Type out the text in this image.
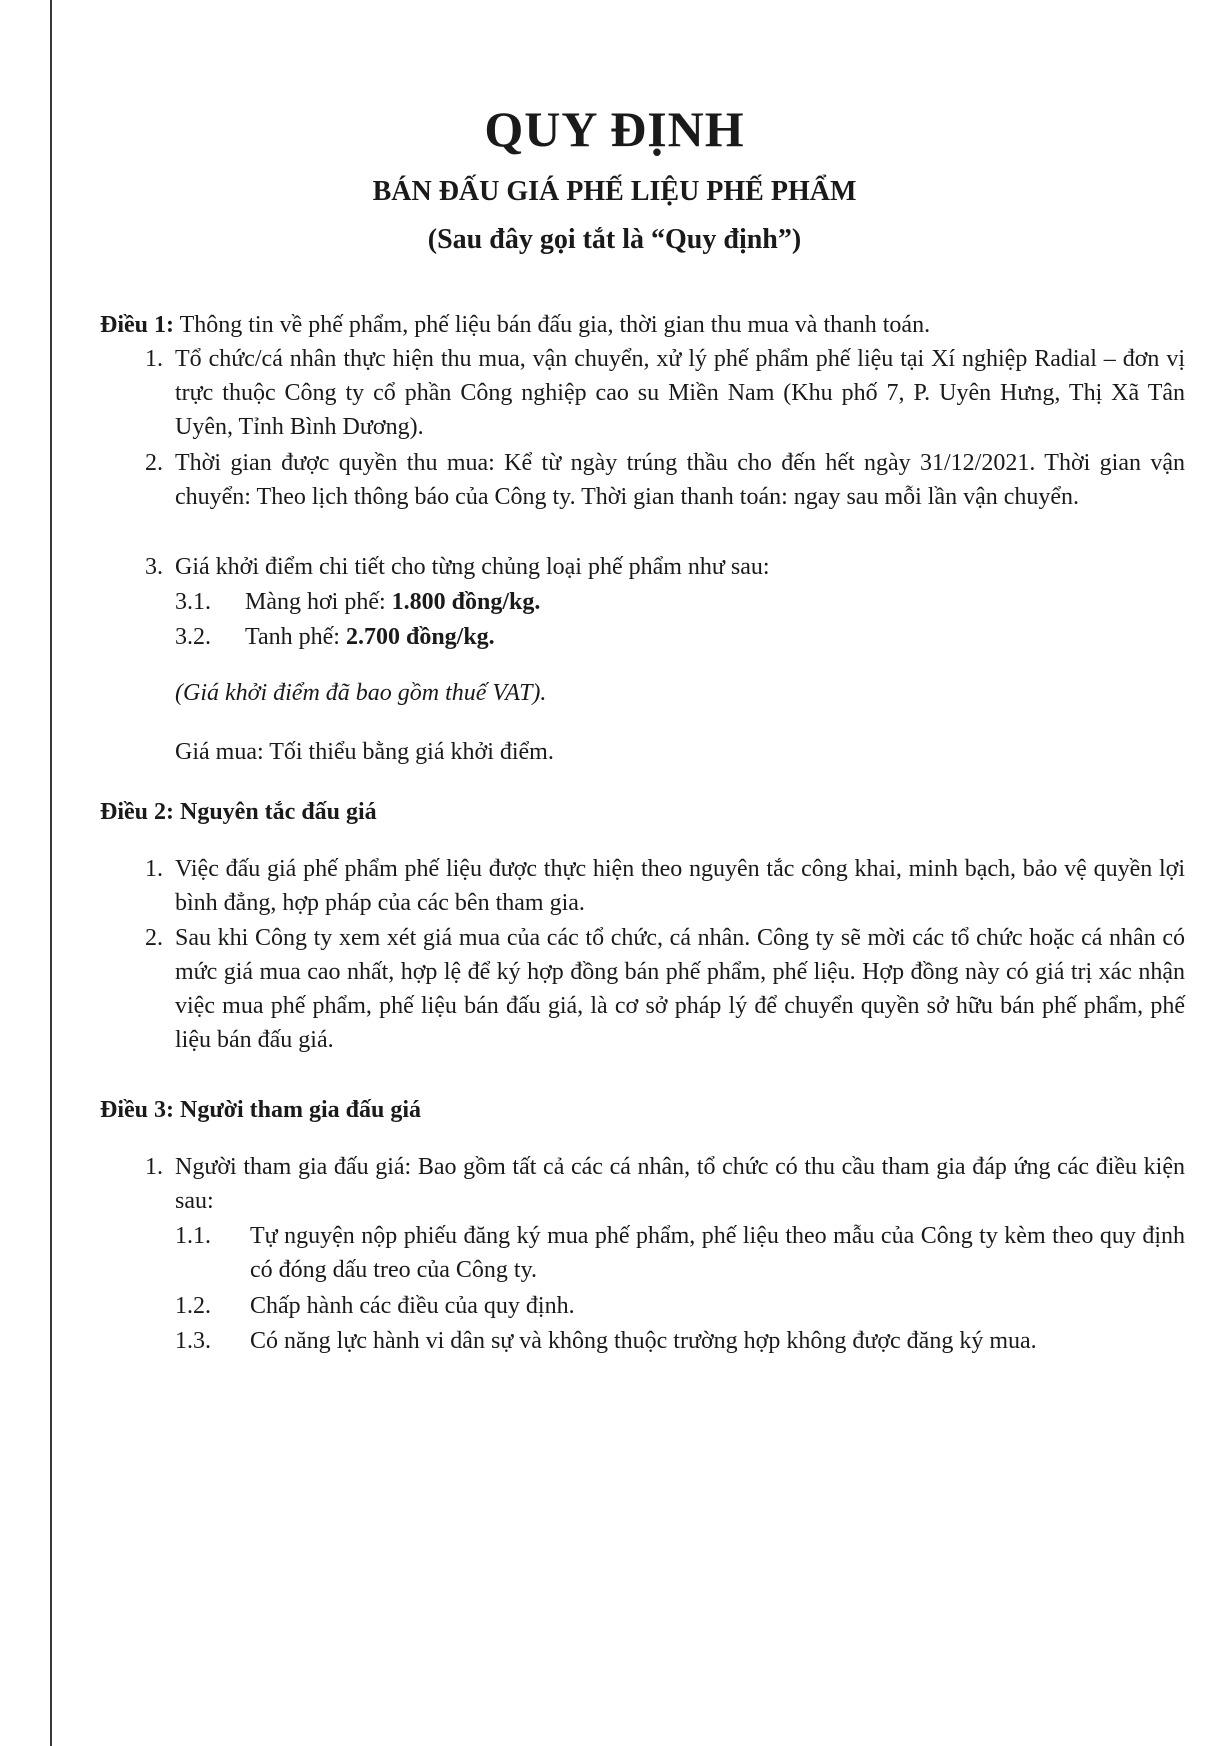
QUY ĐỊNH
BÁN ĐẤU GIÁ PHẾ LIỆU PHẾ PHẨM
(Sau đây gọi tắt là “Quy định”)
Điều 1: Thông tin về phế phẩm, phế liệu bán đấu gia, thời gian thu mua và thanh toán.
1. Tổ chức/cá nhân thực hiện thu mua, vận chuyển, xử lý phế phẩm phế liệu tại Xí nghiệp Radial – đơn vị trực thuộc Công ty cổ phần Công nghiệp cao su Miền Nam (Khu phố 7, P. Uyên Hưng, Thị Xã Tân Uyên, Tỉnh Bình Dương).
2. Thời gian được quyền thu mua: Kể từ ngày trúng thầu cho đến hết ngày 31/12/2021. Thời gian vận chuyển: Theo lịch thông báo của Công ty. Thời gian thanh toán: ngay sau mỗi lần vận chuyển.
3. Giá khởi điểm chi tiết cho từng chủng loại phế phẩm như sau:
3.1.	Màng hơi phế: 1.800 đồng/kg.
3.2.	Tanh phế: 2.700 đồng/kg.
(Giá khởi điểm đã bao gồm thuế VAT).
Giá mua: Tối thiểu bằng giá khởi điểm.
Điều 2: Nguyên tắc đấu giá
1. Việc đấu giá phế phẩm phế liệu được thực hiện theo nguyên tắc công khai, minh bạch, bảo vệ quyền lợi bình đẳng, hợp pháp của các bên tham gia.
2. Sau khi Công ty xem xét giá mua của các tổ chức, cá nhân. Công ty sẽ mời các tổ chức hoặc cá nhân có mức giá mua cao nhất, hợp lệ để ký hợp đồng bán phế phẩm, phế liệu. Hợp đồng này có giá trị xác nhận việc mua phế phẩm, phế liệu bán đấu giá, là cơ sở pháp lý để chuyển quyền sở hữu bán phế phẩm, phế liệu bán đấu giá.
Điều 3: Người tham gia đấu giá
1. Người tham gia đấu giá: Bao gồm tất cả các cá nhân, tổ chức có thu cầu tham gia đáp ứng các điều kiện sau:
1.1.	Tự nguyện nộp phiếu đăng ký mua phế phẩm, phế liệu theo mẫu của Công ty kèm theo quy định có đóng dấu treo của Công ty.
1.2.	Chấp hành các điều của quy định.
1.3.	Có năng lực hành vi dân sự và không thuộc trường hợp không được đăng ký mua.
